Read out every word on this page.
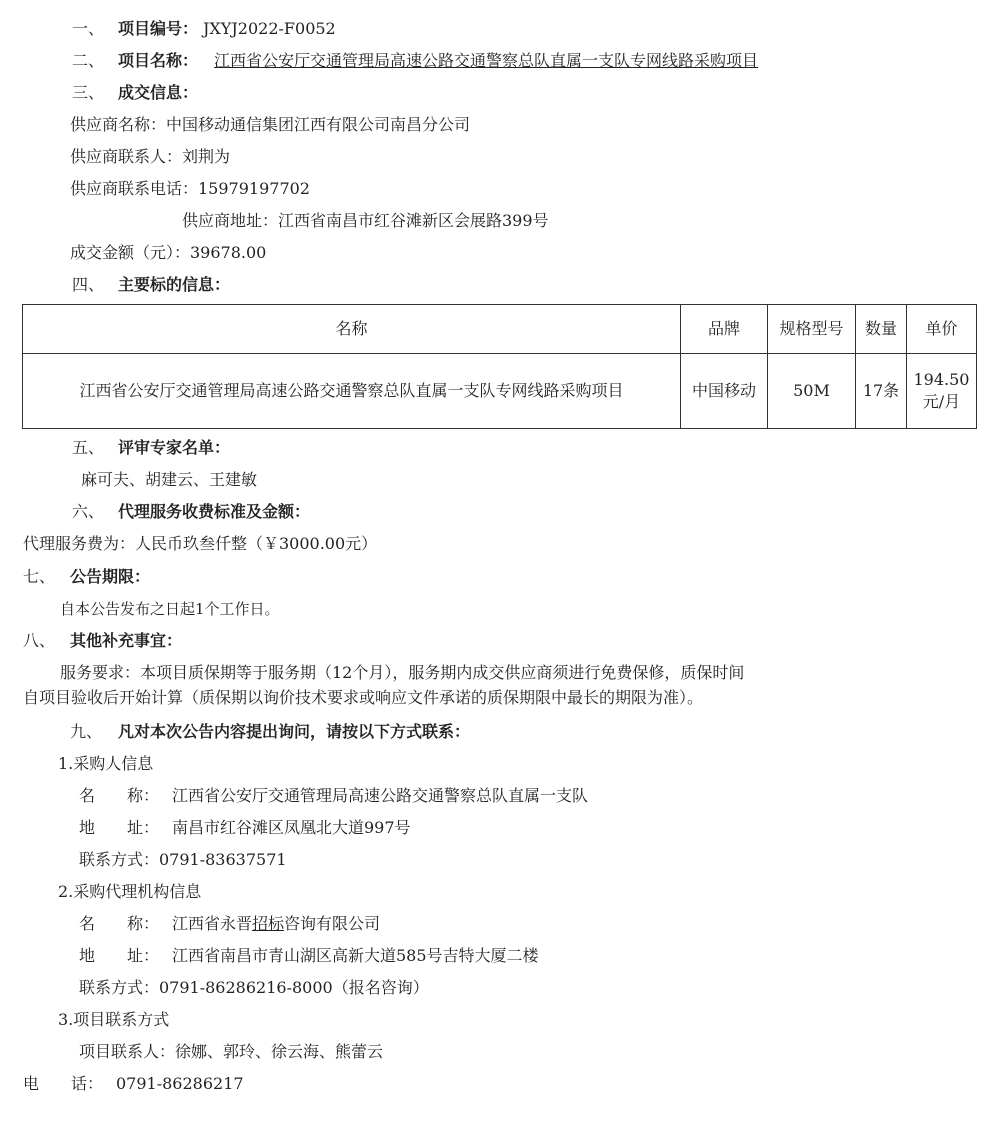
一、 项目编号： JXYJ2022-F0052
二、 项目名称： 江西省公安厅交通管理局高速公路交通警察总队直属一支队专网线路采购项目
三、 成交信息：
供应商名称：中国移动通信集团江西有限公司南昌分公司
供应商联系人：刘荆为
供应商联系电话：15979197702
供应商地址：江西省南昌市红谷滩新区会展路399号
成交金额（元）：39678.00
四、 主要标的信息：
名称	品牌	规格型号	数量	单价
江西省公安厅交通管理局高速公路交通警察总队直属一支队专网线路采购项目	中国移动	50M	17条	194.50
元/月
五、 评审专家名单：
麻可夫、胡建云、王建敏
六、 代理服务收费标准及金额：
代理服务费为：人民币玖叁仟整（￥3000.00元）
七、 公告期限：
自本公告发布之日起1个工作日。
八、 其他补充事宜：
服务要求：本项目质保期等于服务期（12个月），服务期内成交供应商须进行免费保修，质保时间
自项目验收后开始计算（质保期以询价技术要求或响应文件承诺的质保期限中最长的期限为准）。
九、 凡对本次公告内容提出询问，请按以下方式联系：
1.采购人信息
名　　称： 江西省公安厅交通管理局高速公路交通警察总队直属一支队
地　　址： 南昌市红谷滩区凤凰北大道997号
联系方式：0791-83637571
2.采购代理机构信息
名　　称： 江西省永晋招标咨询有限公司
地　　址： 江西省南昌市青山湖区高新大道585号吉特大厦二楼
联系方式：0791-86286216-8000（报名咨询）
3.项目联系方式
项目联系人：徐娜、郭玲、徐云海、熊蕾云
电　　话： 0791-86286217
